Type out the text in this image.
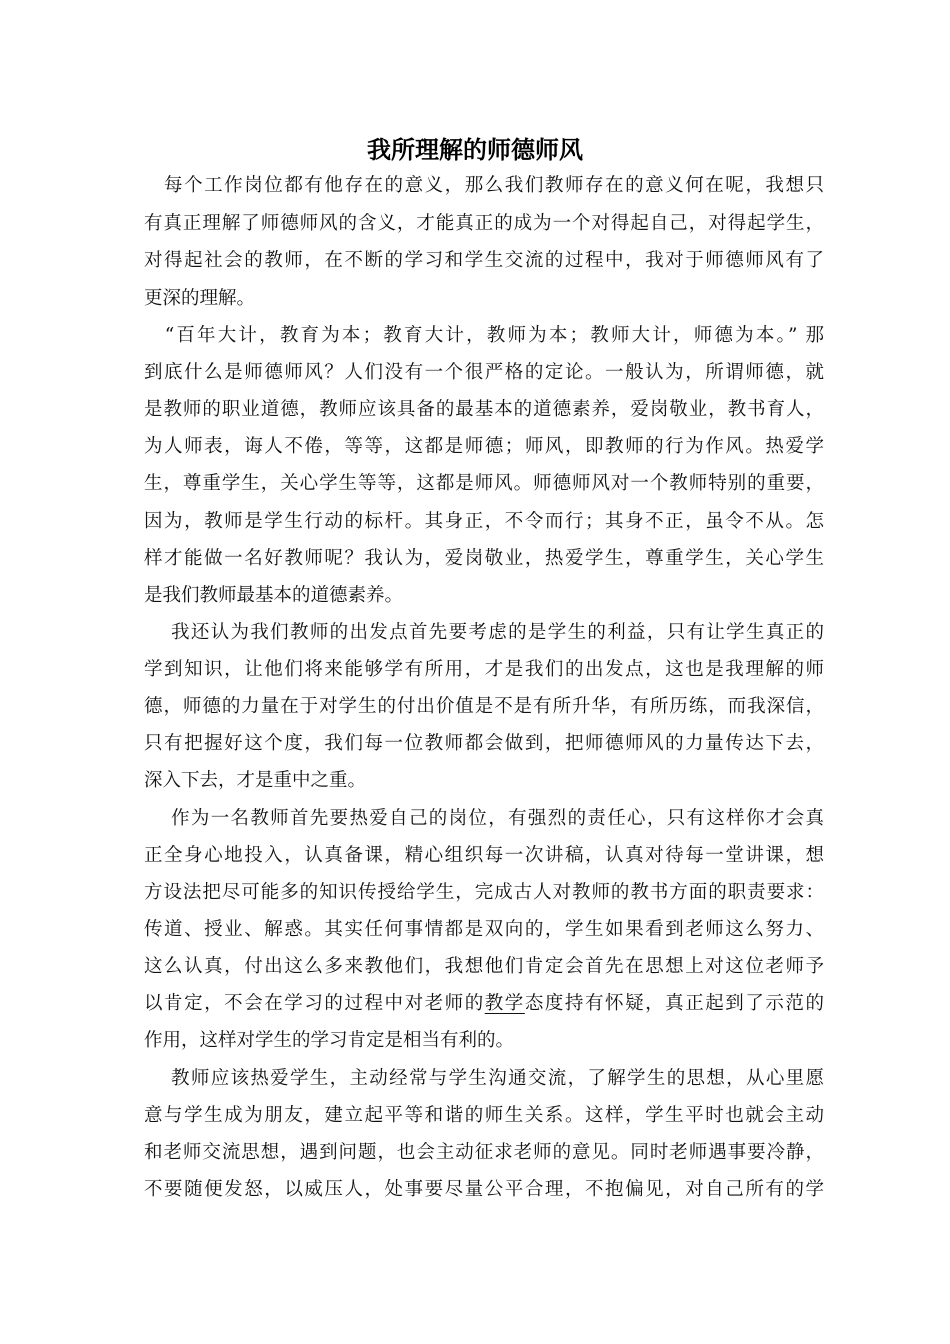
我所理解的师德师风
　每个工作岗位都有他存在的意义，那么我们教师存在的意义何在呢，我想只
有真正理解了师德师风的含义，才能真正的成为一个对得起自己，对得起学生，
对得起社会的教师，在不断的学习和学生交流的过程中，我对于师德师风有了
更深的理解。
　“百年大计，教育为本；教育大计，教师为本；教师大计，师德为本。” 那
到底什么是师德师风？人们没有一个很严格的定论。一般认为，所谓师德，就
是教师的职业道德，教师应该具备的最基本的道德素养，爱岗敬业，教书育人，
为人师表，诲人不倦，等等，这都是师德；师风，即教师的行为作风。热爱学
生，尊重学生，关心学生等等，这都是师风。师德师风对一个教师特别的重要，
因为，教师是学生行动的标杆。其身正，不令而行；其身不正，虽令不从。怎
样才能做一名好教师呢？我认为，爱岗敬业，热爱学生，尊重学生，关心学生
是我们教师最基本的道德素养。
　 我还认为我们教师的出发点首先要考虑的是学生的利益，只有让学生真正的
学到知识，让他们将来能够学有所用，才是我们的出发点，这也是我理解的师
德，师德的力量在于对学生的付出价值是不是有所升华，有所历练，而我深信，
只有把握好这个度，我们每一位教师都会做到，把师德师风的力量传达下去，
深入下去，才是重中之重。
　 作为一名教师首先要热爱自己的岗位，有强烈的责任心，只有这样你才会真
正全身心地投入，认真备课，精心组织每一次讲稿，认真对待每一堂讲课，想
方设法把尽可能多的知识传授给学生，完成古人对教师的教书方面的职责要求：
传道、授业、解惑。其实任何事情都是双向的，学生如果看到老师这么努力、
这么认真，付出这么多来教他们，我想他们肯定会首先在思想上对这位老师予
以肯定，不会在学习的过程中对老师的教学态度持有怀疑，真正起到了示范的
作用，这样对学生的学习肯定是相当有利的。
　 教师应该热爱学生，主动经常与学生沟通交流，了解学生的思想，从心里愿
意与学生成为朋友，建立起平等和谐的师生关系。这样，学生平时也就会主动
和老师交流思想，遇到问题，也会主动征求老师的意见。同时老师遇事要冷静，
不要随便发怒，以威压人，处事要尽量公平合理，不抱偏见，对自己所有的学
